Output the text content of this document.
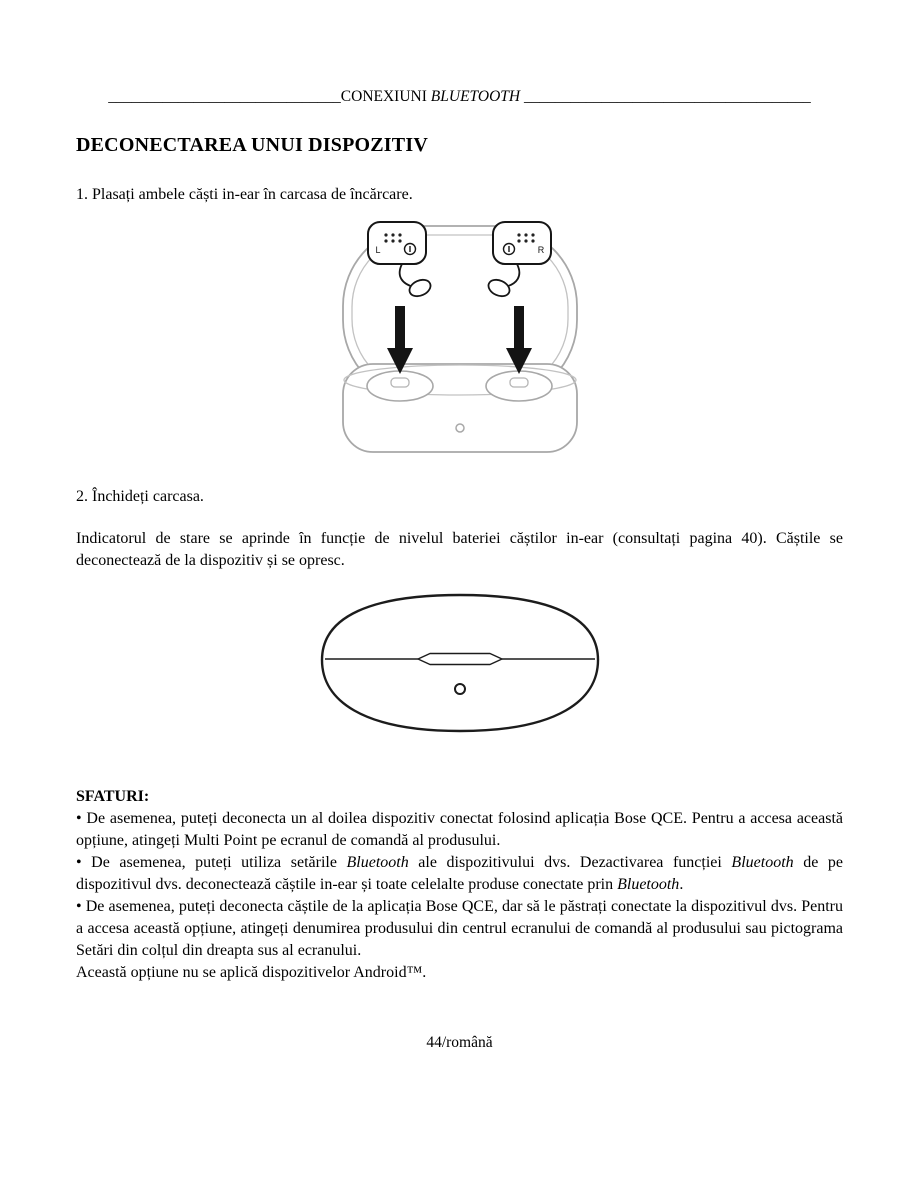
______________________________CONEXIUNI BLUETOOTH _____________________________________
DECONECTAREA UNUI DISPOZITIV

1. Plasați ambele căști in-ear în carcasa de încărcare.

L	R

2. Închideți carcasa.

Indicatorul de stare se aprinde în funcție de nivelul bateriei căștilor in-ear (consultați pagina 40). Căștile se deconectează de la dispozitiv și se opresc.

SFATURI:

• De asemenea, puteți deconecta un al doilea dispozitiv conectat folosind aplicația Bose QCE. Pentru a accesa această opțiune, atingeți Multi Point pe ecranul de comandă al produsului.

• De asemenea, puteți utiliza setările Bluetooth ale dispozitivului dvs. Dezactivarea funcției Bluetooth de pe dispozitivul dvs. deconectează căștile in-ear și toate celelalte produse conectate prin Bluetooth.

• De asemenea, puteți deconecta căștile de la aplicația Bose QCE, dar să le păstrați conectate la dispozitivul dvs. Pentru a accesa această opțiune, atingeți denumirea produsului din centrul ecranului de comandă al produsului sau pictograma Setări din colțul din dreapta sus al ecranului.

Această opțiune nu se aplică dispozitivelor Android™.

44/română
